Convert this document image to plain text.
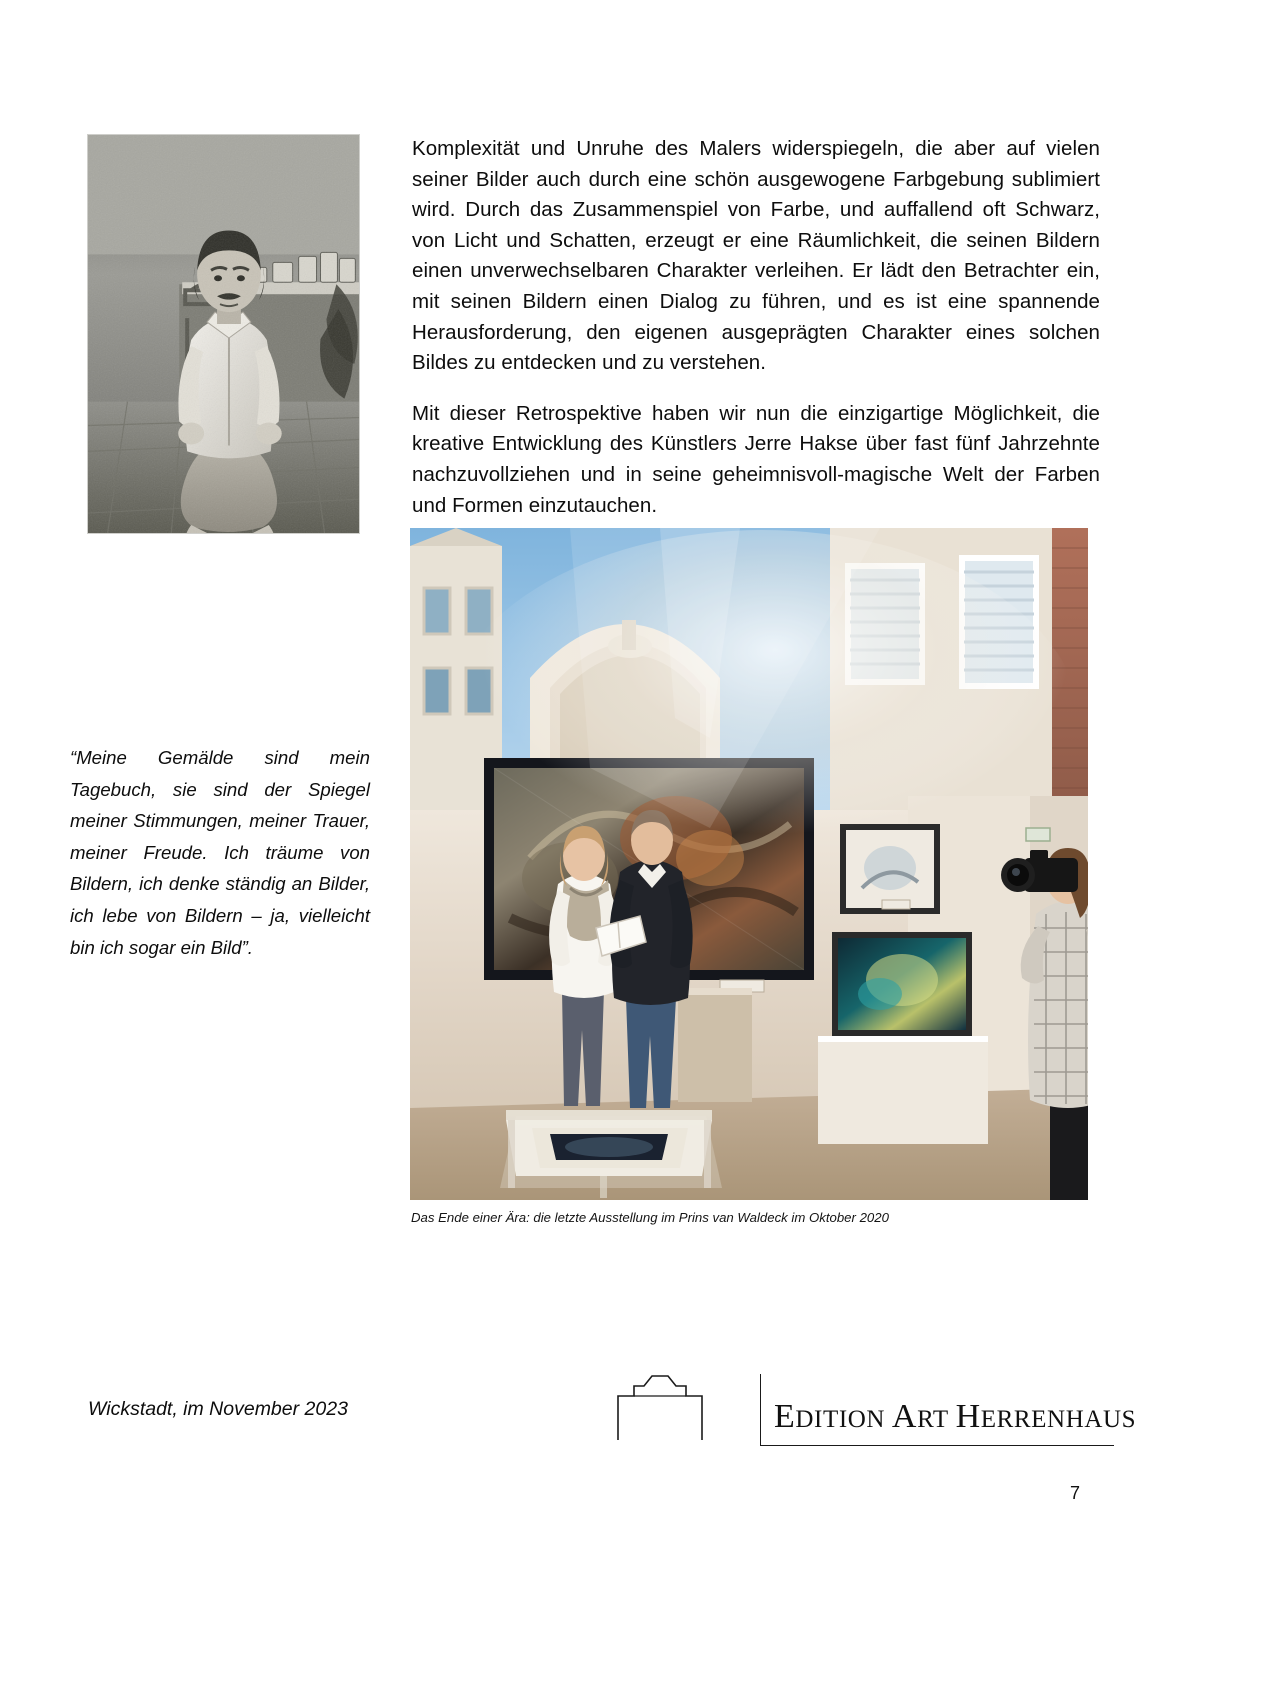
Komplexität und Unruhe des Malers widerspiegeln, die aber auf vielen seiner Bilder auch durch eine schön ausgewogene Farbgebung sublimiert wird. Durch das Zusammenspiel von Farbe, und auffallend oft Schwarz, von Licht und Schatten, erzeugt er eine Räumlichkeit, die seinen Bildern einen unverwechselbaren Charakter verleihen. Er lädt den Betrachter ein, mit seinen Bildern einen Dialog zu führen, und es ist eine spannende Herausforderung, den eigenen ausgeprägten Charakter eines solchen Bildes zu entdecken und zu verstehen.

Mit dieser Retrospektive haben wir nun die einzigartige Möglichkeit, die kreative Entwicklung des Künstlers Jerre Hakse über fast fünf Jahrzehnte nachzuvollziehen und in seine geheimnisvoll-magische Welt der Farben und Formen einzutauchen.

“Meine Gemälde sind mein Tagebuch, sie sind der Spiegel meiner Stimmungen, meiner Trauer, meiner Freude. Ich träume von Bildern, ich denke ständig an Bilder, ich lebe von Bildern – ja, vielleicht bin ich sogar ein Bild”.
Das Ende einer Ära: die letzte Ausstellung im Prins van Waldeck im Oktober 2020
Wickstadt, im November 2023	EDITION ART HERRENHAUS
7
